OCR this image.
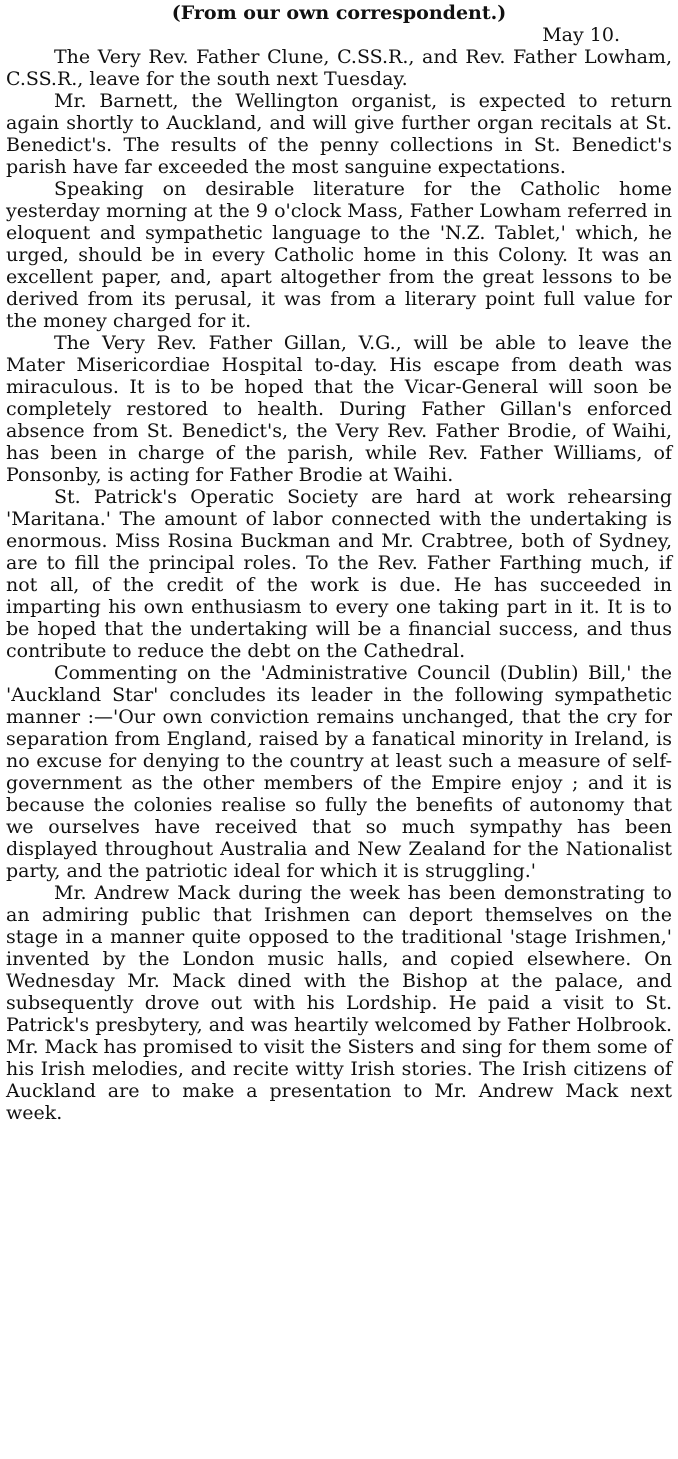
(From our own correspondent.)

May 10.

The Very Rev. Father Clune, C.SS.R., and Rev. Father Lowham, C.SS.R., leave for the south next Tuesday.

Mr. Barnett, the Wellington organist, is expected to return again shortly to Auckland, and will give further organ recitals at St. Benedict's. The results of the penny collections in St. Benedict's parish have far exceeded the most sanguine expectations.

Speaking on desirable literature for the Catholic home yesterday morning at the 9 o'clock Mass, Father Lowham referred in eloquent and sympathetic language to the 'N.Z. Tablet,' which, he urged, should be in every Catholic home in this Colony. It was an excellent paper, and, apart altogether from the great lessons to be derived from its perusal, it was from a literary point full value for the money charged for it.

The Very Rev. Father Gillan, V.G., will be able to leave the Mater Misericordiae Hospital to-day. His escape from death was miraculous. It is to be hoped that the Vicar-General will soon be completely restored to health. During Father Gillan's enforced absence from St. Benedict's, the Very Rev. Father Brodie, of Waihi, has been in charge of the parish, while Rev. Father Williams, of Ponsonby, is acting for Father Brodie at Waihi.

St. Patrick's Operatic Society are hard at work rehearsing 'Maritana.' The amount of labor connected with the undertaking is enormous. Miss Rosina Buckman and Mr. Crabtree, both of Sydney, are to fill the principal roles. To the Rev. Father Farthing much, if not all, of the credit of the work is due. He has succeeded in imparting his own enthusiasm to every one taking part in it. It is to be hoped that the undertaking will be a financial success, and thus contribute to reduce the debt on the Cathedral.

Commenting on the 'Administrative Council (Dublin) Bill,' the 'Auckland Star' concludes its leader in the following sympathetic manner :—'Our own conviction remains unchanged, that the cry for separation from England, raised by a fanatical minority in Ireland, is no excuse for denying to the country at least such a measure of self-government as the other members of the Empire enjoy ; and it is because the colonies realise so fully the benefits of autonomy that we ourselves have received that so much sympathy has been displayed throughout Australia and New Zealand for the Nationalist party, and the patriotic ideal for which it is struggling.'

Mr. Andrew Mack during the week has been demonstrating to an admiring public that Irishmen can deport themselves on the stage in a manner quite opposed to the traditional 'stage Irishmen,' invented by the London music halls, and copied elsewhere. On Wednesday Mr. Mack dined with the Bishop at the palace, and subsequently drove out with his Lordship. He paid a visit to St. Patrick's presbytery, and was heartily welcomed by Father Holbrook. Mr. Mack has promised to visit the Sisters and sing for them some of his Irish melodies, and recite witty Irish stories. The Irish citizens of Auckland are to make a presentation to Mr. Andrew Mack next week.
